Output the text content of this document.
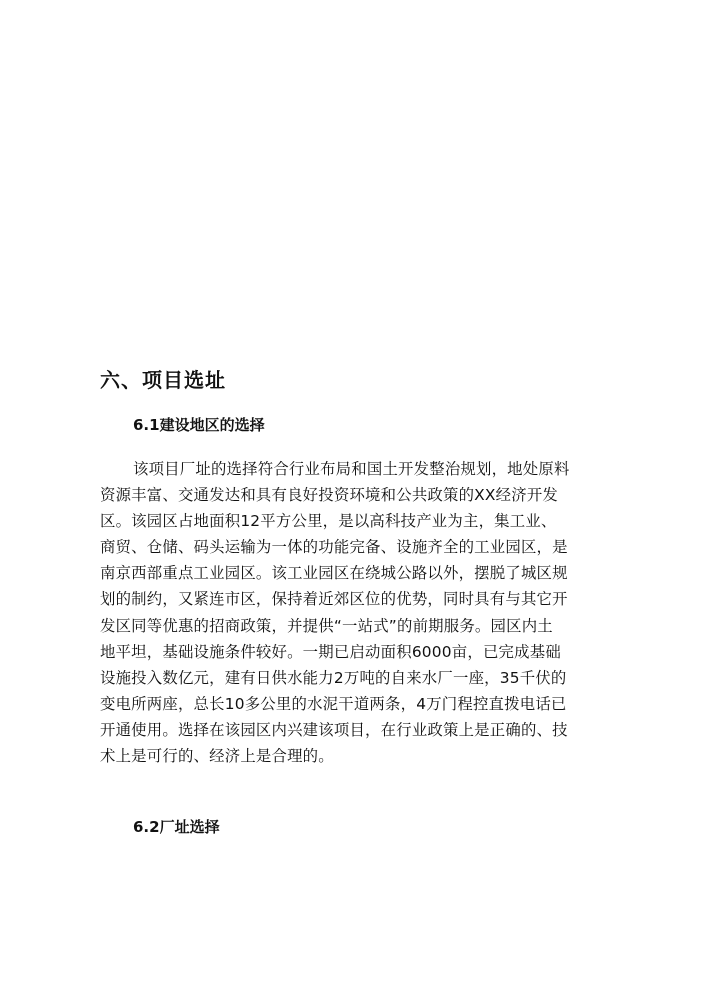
六、项目选址
6.1建设地区的选择
该项目厂址的选择符合行业布局和国土开发整治规划，地处原料
资源丰富、交通发达和具有良好投资环境和公共政策的XX经济开发
区。该园区占地面积12平方公里，是以高科技产业为主，集工业、
商贸、仓储、码头运输为一体的功能完备、设施齐全的工业园区，是
南京西部重点工业园区。该工业园区在绕城公路以外，摆脱了城区规
划的制约，又紧连市区，保持着近郊区位的优势，同时具有与其它开
发区同等优惠的招商政策，并提供“一站式”的前期服务。园区内土
地平坦，基础设施条件较好。一期已启动面积6000亩，已完成基础
设施投入数亿元，建有日供水能力2万吨的自来水厂一座，35千伏的
变电所两座，总长10多公里的水泥干道两条，4万门程控直拨电话已
开通使用。选择在该园区内兴建该项目，在行业政策上是正确的、技
术上是可行的、经济上是合理的。
6.2厂址选择
